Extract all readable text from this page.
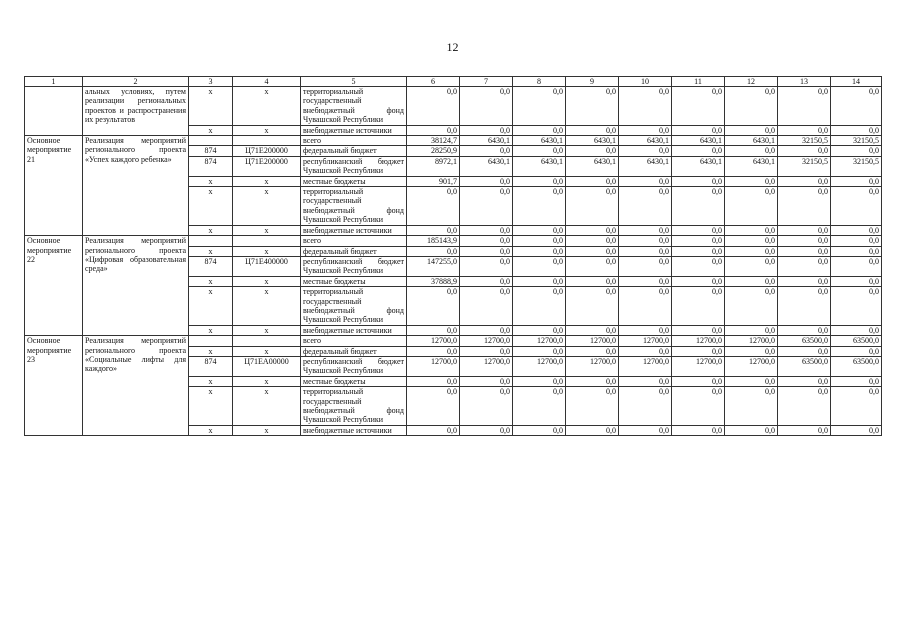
12
1	2	3	4	5	6	7	8	9	10	11	12	13	14
	альных условиях, путем реализации региональных проектов и распространения их результатов	x	x	территориальный государственный внебюджетный фонд Чувашской Республики	0,0	0,0	0,0	0,0	0,0	0,0	0,0	0,0	0,0
		x	x	внебюджетные источники	0,0	0,0	0,0	0,0	0,0	0,0	0,0	0,0	0,0
Основное мероприятие 21	Реализация мероприятий регионального проекта «Успех каждого ребенка»			всего	38124,7	6430,1	6430,1	6430,1	6430,1	6430,1	6430,1	32150,5	32150,5
		874	Ц71Е200000	федеральный бюджет	28250,9	0,0	0,0	0,0	0,0	0,0	0,0	0,0	0,0
		874	Ц71Е200000	республиканский бюджет Чувашской Республики	8972,1	6430,1	6430,1	6430,1	6430,1	6430,1	6430,1	32150,5	32150,5
		x	x	местные бюджеты	901,7	0,0	0,0	0,0	0,0	0,0	0,0	0,0	0,0
		x	x	территориальный государственный внебюджетный фонд Чувашской Республики	0,0	0,0	0,0	0,0	0,0	0,0	0,0	0,0	0,0
		x	x	внебюджетные источники	0,0	0,0	0,0	0,0	0,0	0,0	0,0	0,0	0,0
Основное мероприятие 22	Реализация мероприятий регионального проекта «Цифровая образовательная среда»			всего	185143,9	0,0	0,0	0,0	0,0	0,0	0,0	0,0	0,0
		x	x	федеральный бюджет	0,0	0,0	0,0	0,0	0,0	0,0	0,0	0,0	0,0
		874	Ц71Е400000	республиканский бюджет Чувашской Республики	147255,0	0,0	0,0	0,0	0,0	0,0	0,0	0,0	0,0
		x	x	местные бюджеты	37888,9	0,0	0,0	0,0	0,0	0,0	0,0	0,0	0,0
		x	x	территориальный государственный внебюджетный фонд Чувашской Республики	0,0	0,0	0,0	0,0	0,0	0,0	0,0	0,0	0,0
		x	x	внебюджетные источники	0,0	0,0	0,0	0,0	0,0	0,0	0,0	0,0	0,0
Основное мероприятие 23	Реализация мероприятий регионального проекта «Социальные лифты для каждого»			всего	12700,0	12700,0	12700,0	12700,0	12700,0	12700,0	12700,0	63500,0	63500,0
		x	x	федеральный бюджет	0,0	0,0	0,0	0,0	0,0	0,0	0,0	0,0	0,0
		874	Ц71ЕА00000	республиканский бюджет Чувашской Республики	12700,0	12700,0	12700,0	12700,0	12700,0	12700,0	12700,0	63500,0	63500,0
		x	x	местные бюджеты	0,0	0,0	0,0	0,0	0,0	0,0	0,0	0,0	0,0
		x	x	территориальный государственный внебюджетный фонд Чувашской Республики	0,0	0,0	0,0	0,0	0,0	0,0	0,0	0,0	0,0
		x	x	внебюджетные источники	0,0	0,0	0,0	0,0	0,0	0,0	0,0	0,0	0,0
